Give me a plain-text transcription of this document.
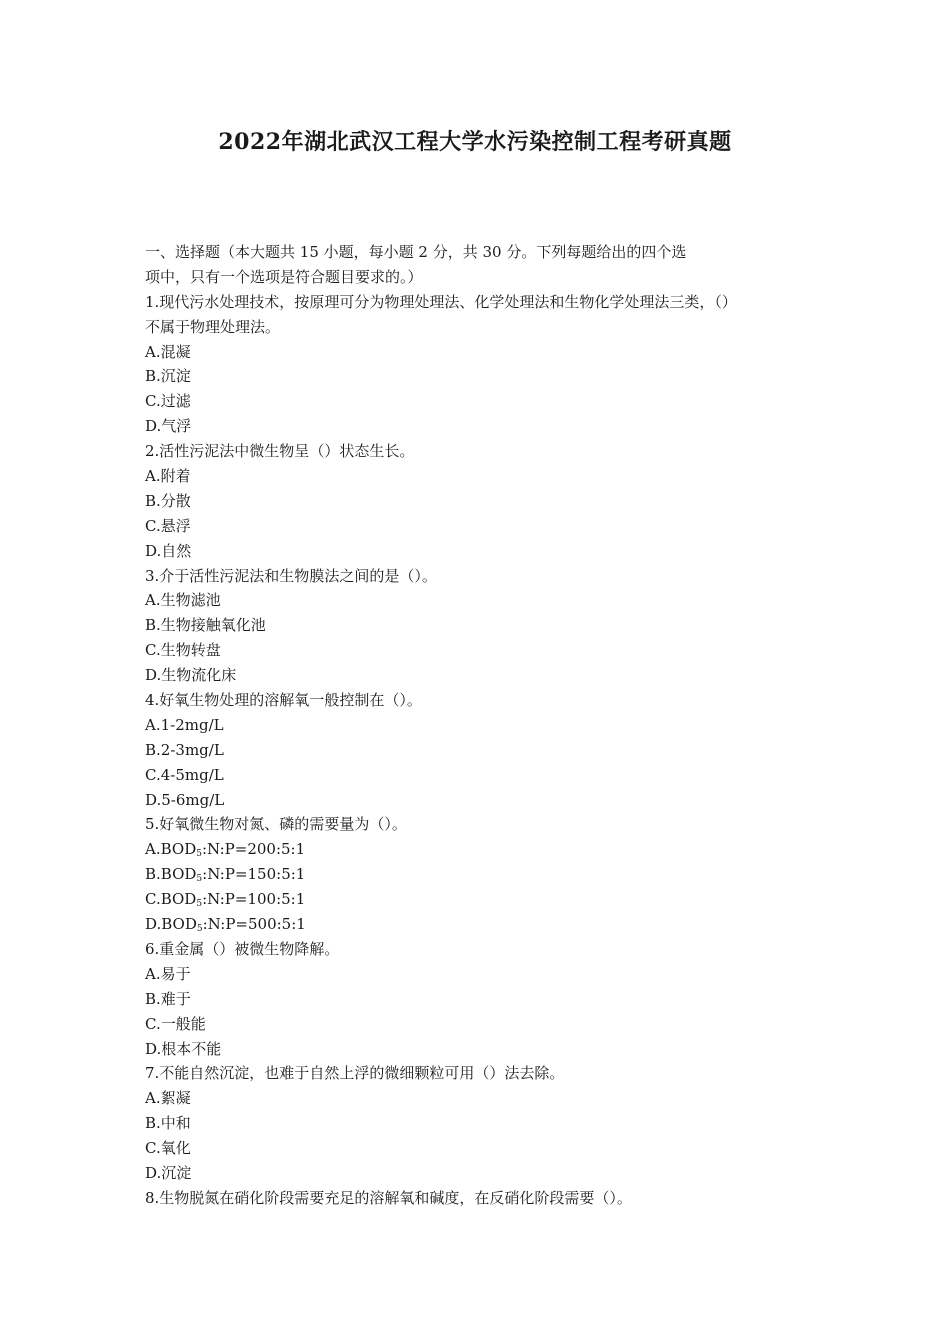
2022年湖北武汉工程大学水污染控制工程考研真题
一、选择题（本大题共 15 小题，每小题 2 分，共 30 分。下列每题给出的四个选
项中，只有一个选项是符合题目要求的。）
1.现代污水处理技术，按原理可分为物理处理法、化学处理法和生物化学处理法三类，（）
不属于物理处理法。
A.混凝
B.沉淀
C.过滤
D.气浮
2.活性污泥法中微生物呈（）状态生长。
A.附着
B.分散
C.悬浮
D.自然
3.介于活性污泥法和生物膜法之间的是（）。
A.生物滤池
B.生物接触氧化池
C.生物转盘
D.生物流化床
4.好氧生物处理的溶解氧一般控制在（）。
A.1-2mg/L
B.2-3mg/L
C.4-5mg/L
D.5-6mg/L
5.好氧微生物对氮、磷的需要量为（）。
$A.BOD_5:N:P=200:5:1$
$B.BOD_5:N:P=150:5:1$
$C.BOD_5:N:P=100:5:1$
$D.BOD_5:N:P=500:5:1$
6.重金属（）被微生物降解。
A.易于
B.难于
C.一般能
D.根本不能
7.不能自然沉淀，也难于自然上浮的微细颗粒可用（）法去除。
A.絮凝
B.中和
C.氧化
D.沉淀
8.生物脱氮在硝化阶段需要充足的溶解氧和碱度，在反硝化阶段需要（）。
